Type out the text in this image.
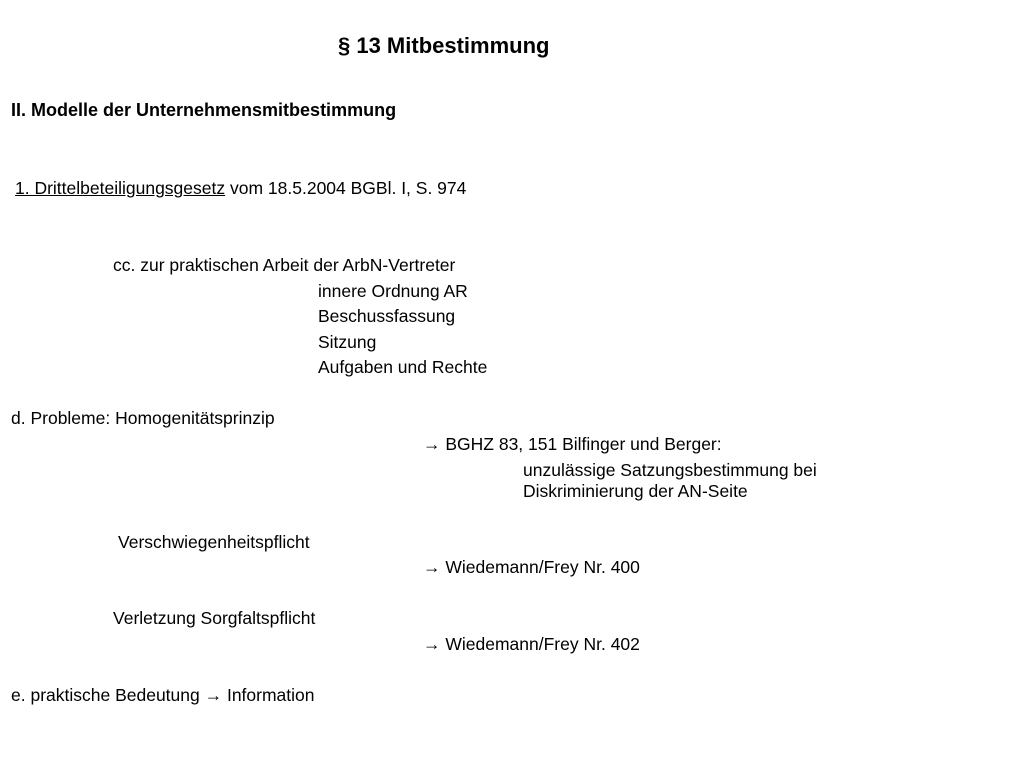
§ 13 Mitbestimmung
II. Modelle der Unternehmensmitbestimmung
1. Drittelbeteiligungsgesetz vom 18.5.2004 BGBl. I, S. 974
cc. zur praktischen Arbeit der ArbN-Vertreter
innere Ordnung AR
Beschussfassung
Sitzung
Aufgaben und Rechte
d. Probleme: Homogenitätsprinzip
→ BGHZ 83, 151 Bilfinger und Berger:
unzulässige Satzungsbestimmung bei
Diskriminierung der AN-Seite
Verschwiegenheitspflicht
→ Wiedemann/Frey Nr. 400
Verletzung Sorgfaltspflicht
→ Wiedemann/Frey Nr. 402
e. praktische Bedeutung → Information
